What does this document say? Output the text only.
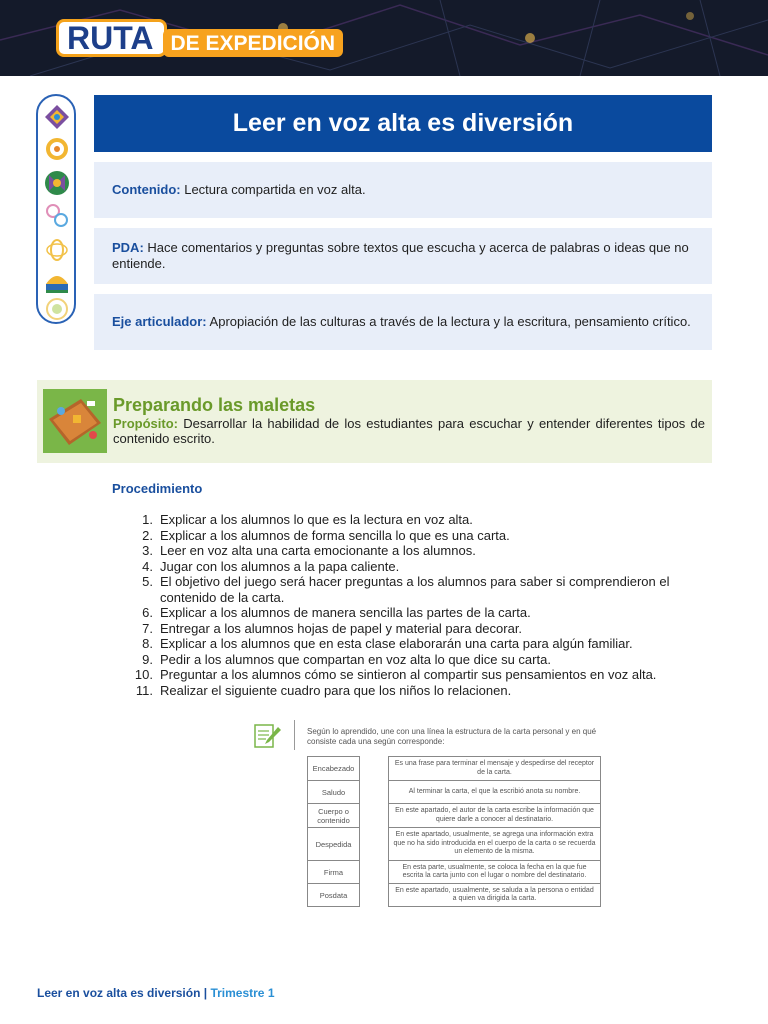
RUTA DE EXPEDICIÓN
Leer en voz alta es diversión
Contenido: Lectura compartida en voz alta.
PDA: Hace comentarios y preguntas sobre textos que escucha y acerca de palabras o ideas que no entiende.
Eje articulador: Apropiación de las culturas a través de la lectura y la escritura, pensamiento crítico.
Preparando las maletas
Propósito: Desarrollar la habilidad de los estudiantes para escuchar y entender diferentes tipos de contenido escrito.
Procedimiento
1. Explicar a los alumnos lo que es la lectura en voz alta.
2. Explicar a los alumnos de forma sencilla lo que es una carta.
3. Leer en voz alta una carta emocionante a los alumnos.
4. Jugar con los alumnos a la papa caliente.
5. El objetivo del juego será hacer preguntas a los alumnos para saber si comprendieron el contenido de la carta.
6. Explicar a los alumnos de manera sencilla las partes de la carta.
7. Entregar a los alumnos hojas de papel y material para decorar.
8. Explicar a los alumnos que en esta clase elaborarán una carta para algún familiar.
9. Pedir a los alumnos que compartan en voz alta lo que dice su carta.
10. Preguntar a los alumnos cómo se sintieron al compartir sus pensamientos en voz alta.
11. Realizar el siguiente cuadro para que los niños lo relacionen.
Según lo aprendido, une con una línea la estructura de la carta personal y en qué consiste cada una según corresponde:
Encabezado
Saludo
Cuerpo o contenido
Despedida
Firma
Posdata
Es una frase para terminar el mensaje y despedirse del receptor de la carta.
Al terminar la carta, el que la escribió anota su nombre.
En este apartado, el autor de la carta escribe la información que quiere darle a conocer al destinatario.
En este apartado, usualmente, se agrega una información extra que no ha sido introducida en el cuerpo de la carta o se recuerda un elemento de la misma.
En esta parte, usualmente, se coloca la fecha en la que fue escrita la carta junto con el lugar o nombre del destinatario.
En este apartado, usualmente, se saluda a la persona o entidad a quien va dirigida la carta.
Leer en voz alta es diversión | Trimestre 1
